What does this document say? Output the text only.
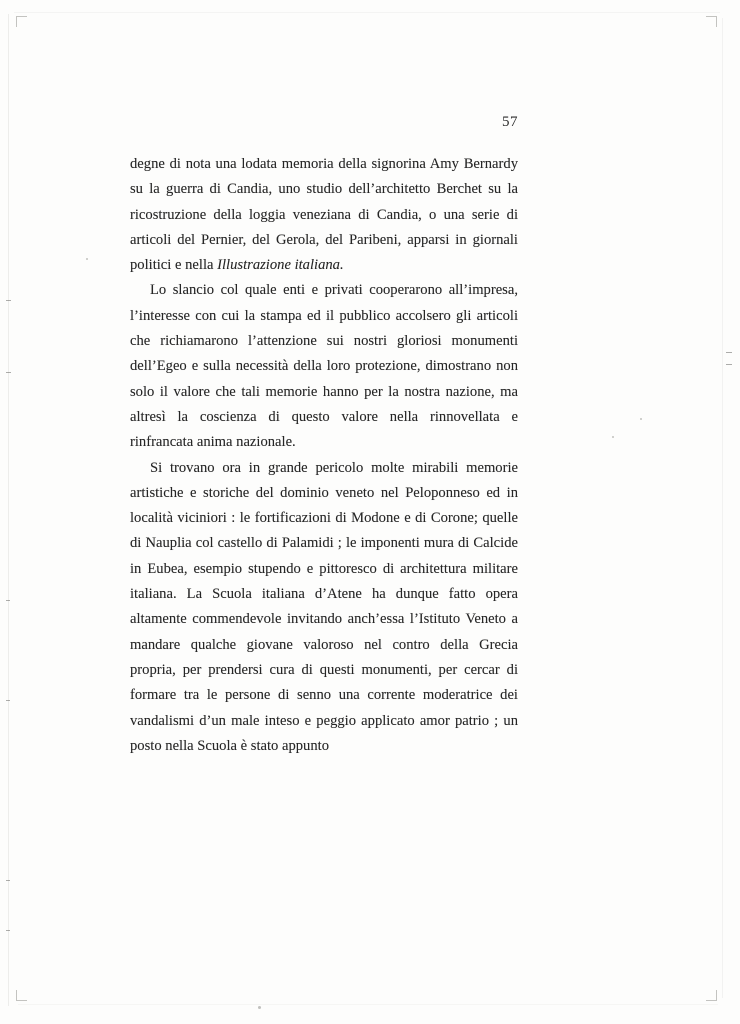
57

degne di nota una lodata memoria della signorina Amy Bernardy su la guerra di Candia, uno studio dell’architetto Berchet su la ricostruzione della loggia veneziana di Candia, o una serie di articoli del Pernier, del Gerola, del Paribeni, apparsi in giornali politici e nella Illustrazione italiana.

Lo slancio col quale enti e privati cooperarono all’impresa, l’interesse con cui la stampa ed il pubblico accolsero gli articoli che richiamarono l’attenzione sui nostri gloriosi monumenti dell’Egeo e sulla necessità della loro protezione, dimostrano non solo il valore che tali memorie hanno per la nostra nazione, ma altresì la coscienza di questo valore nella rinnovellata e rinfrancata anima nazionale.

Si trovano ora in grande pericolo molte mirabili memorie artistiche e storiche del dominio veneto nel Peloponneso ed in località viciniori : le fortificazioni di Modone e di Corone; quelle di Nauplia col castello di Palamidi ; le imponenti mura di Calcide in Eubea, esempio stupendo e pittoresco di architettura militare italiana. La Scuola italiana d’Atene ha dunque fatto opera altamente commendevole invitando anch’essa l’Istituto Veneto a mandare qualche giovane valoroso nel contro della Grecia propria, per prendersi cura di questi monumenti, per cercar di formare tra le persone di senno una corrente moderatrice dei vandalismi d’un male inteso e peggio applicato amor patrio ; un posto nella Scuola è stato appunto
